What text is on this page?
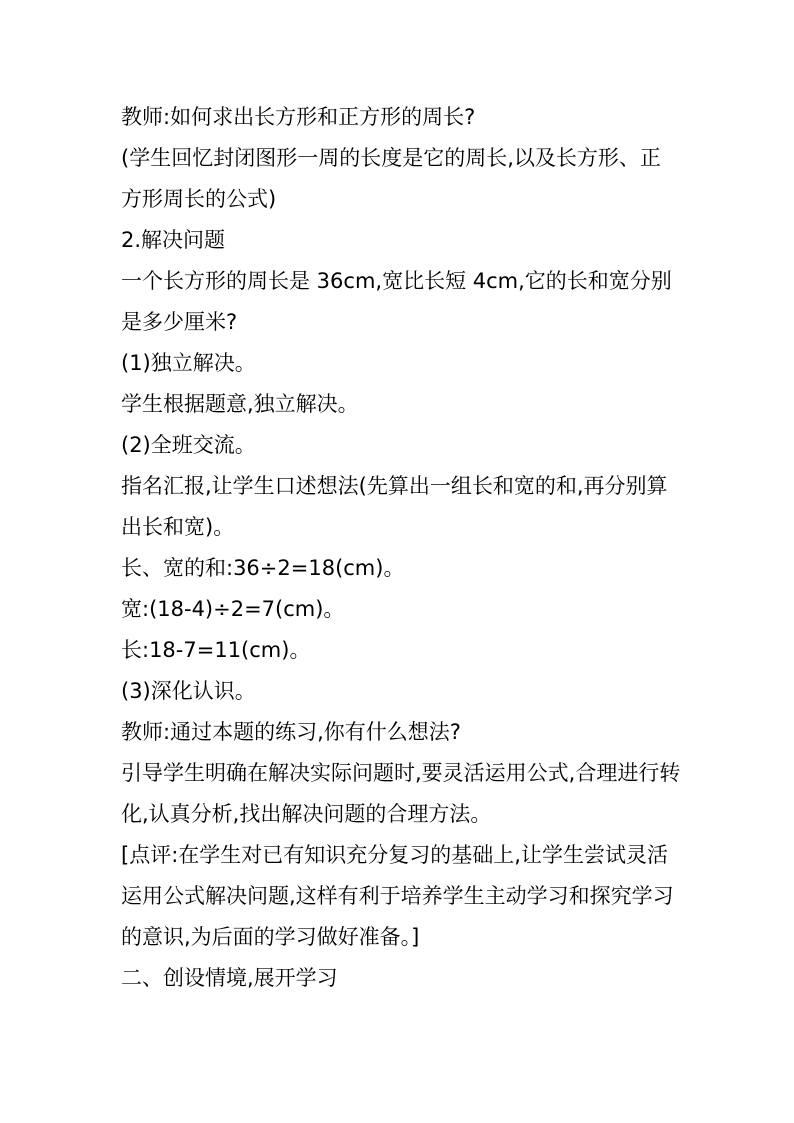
教师:如何求出长方形和正方形的周长?

(学生回忆封闭图形一周的长度是它的周长,以及长方形、正方形周长的公式)

2.解决问题

一个长方形的周长是 36cm,宽比长短 4cm,它的长和宽分别是多少厘米?

(1)独立解决。

学生根据题意,独立解决。

(2)全班交流。

指名汇报,让学生口述想法(先算出一组长和宽的和,再分别算出长和宽)。

长、宽的和:36÷2=18(cm)。

宽:(18-4)÷2=7(cm)。

长:18-7=11(cm)。

(3)深化认识。

教师:通过本题的练习,你有什么想法?

引导学生明确在解决实际问题时,要灵活运用公式,合理进行转化,认真分析,找出解决问题的合理方法。

[点评:在学生对已有知识充分复习的基础上,让学生尝试灵活运用公式解决问题,这样有利于培养学生主动学习和探究学习的意识,为后面的学习做好准备。]

二、创设情境,展开学习
